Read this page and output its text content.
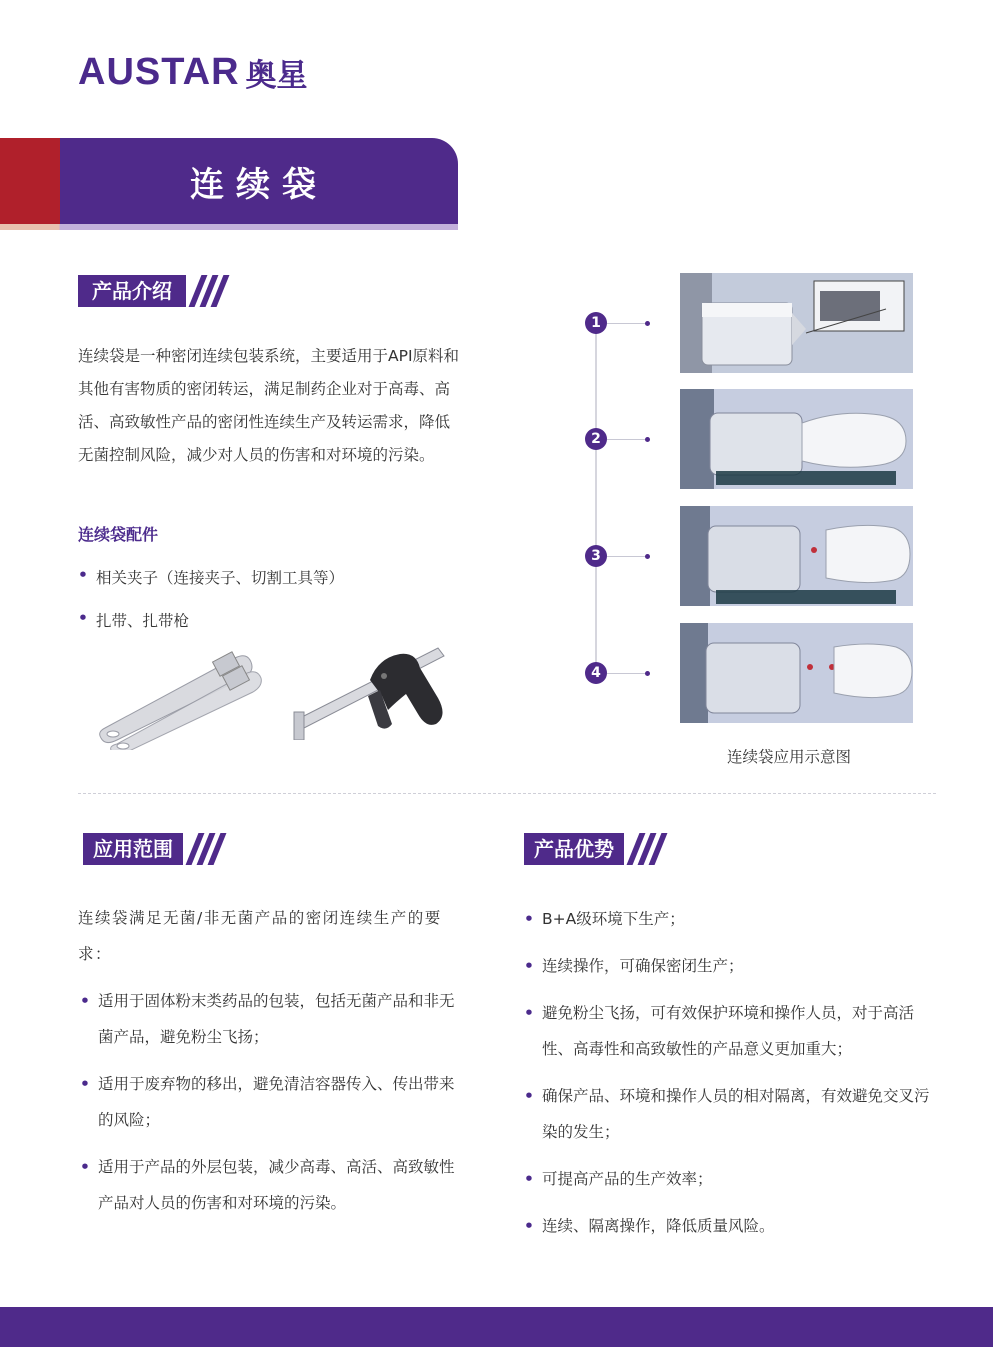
AUSTAR 奥星
连续袋
产品介绍
连续袋是一种密闭连续包装系统，主要适用于API原料和其他有害物质的密闭转运，满足制药企业对于高毒、高活、高致敏性产品的密闭性连续生产及转运需求，降低无菌控制风险，减少对人员的伤害和对环境的污染。
连续袋配件
• 相关夹子（连接夹子、切割工具等）
• 扎带、扎带枪
1
2
3
4
连续袋应用示意图
应用范围
连续袋满足无菌/非无菌产品的密闭连续生产的要求：
• 适用于固体粉末类药品的包装，包括无菌产品和非无菌产品，避免粉尘飞扬；
• 适用于废弃物的移出，避免清洁容器传入、传出带来的风险；
• 适用于产品的外层包装，减少高毒、高活、高致敏性产品对人员的伤害和对环境的污染。
产品优势
• B+A级环境下生产；
• 连续操作，可确保密闭生产；
• 避免粉尘飞扬，可有效保护环境和操作人员，对于高活性、高毒性和高致敏性的产品意义更加重大；
• 确保产品、环境和操作人员的相对隔离，有效避免交叉污染的发生；
• 可提高产品的生产效率；
• 连续、隔离操作，降低质量风险。
